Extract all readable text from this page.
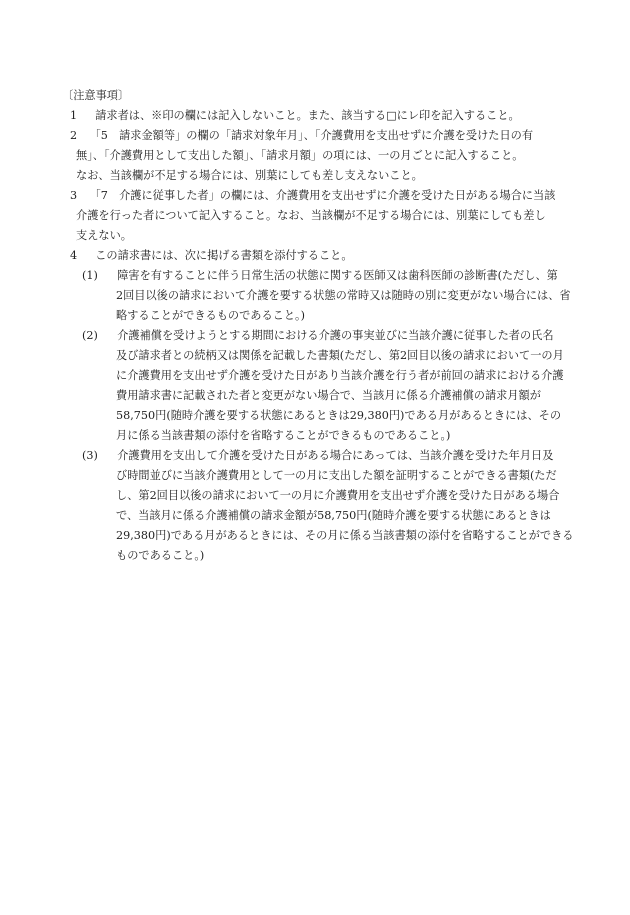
〔注意事項〕
1 　請求者は、※印の欄には記入しないこと。また、該当する□にレ印を記入すること。
2 　「5　請求金額等」の欄の「請求対象年月」、「介護費用を支出せずに介護を受けた日の有
無」、「介護費用として支出した額」、「請求月額」の項には、一の月ごとに記入すること。
なお、当該欄が不足する場合には、別葉にしても差し支えないこと。
3 　「7　介護に従事した者」の欄には、介護費用を支出せずに介護を受けた日がある場合に当該
介護を行った者について記入すること。なお、当該欄が不足する場合には、別葉にしても差し
支えない。
4 　この請求書には、次に掲げる書類を添付すること。
(1) 　障害を有することに伴う日常生活の状態に関する医師又は歯科医師の診断書(ただし、第
2回目以後の請求において介護を要する状態の常時又は随時の別に変更がない場合には、省
略することができるものであること。)
(2) 　介護補償を受けようとする期間における介護の事実並びに当該介護に従事した者の氏名
及び請求者との続柄又は関係を記載した書類(ただし、第2回目以後の請求において一の月
に介護費用を支出せず介護を受けた日があり当該介護を行う者が前回の請求における介護
費用請求書に記載された者と変更がない場合で、当該月に係る介護補償の請求月額が
58,750円(随時介護を要する状態にあるときは29,380円)である月があるときには、その
月に係る当該書類の添付を省略することができるものであること。)
(3) 　介護費用を支出して介護を受けた日がある場合にあっては、当該介護を受けた年月日及
び時間並びに当該介護費用として一の月に支出した額を証明することができる書類(ただ
し、第2回目以後の請求において一の月に介護費用を支出せず介護を受けた日がある場合
で、当該月に係る介護補償の請求金額が58,750円(随時介護を要する状態にあるときは
29,380円)である月があるときには、その月に係る当該書類の添付を省略することができる
ものであること。)
